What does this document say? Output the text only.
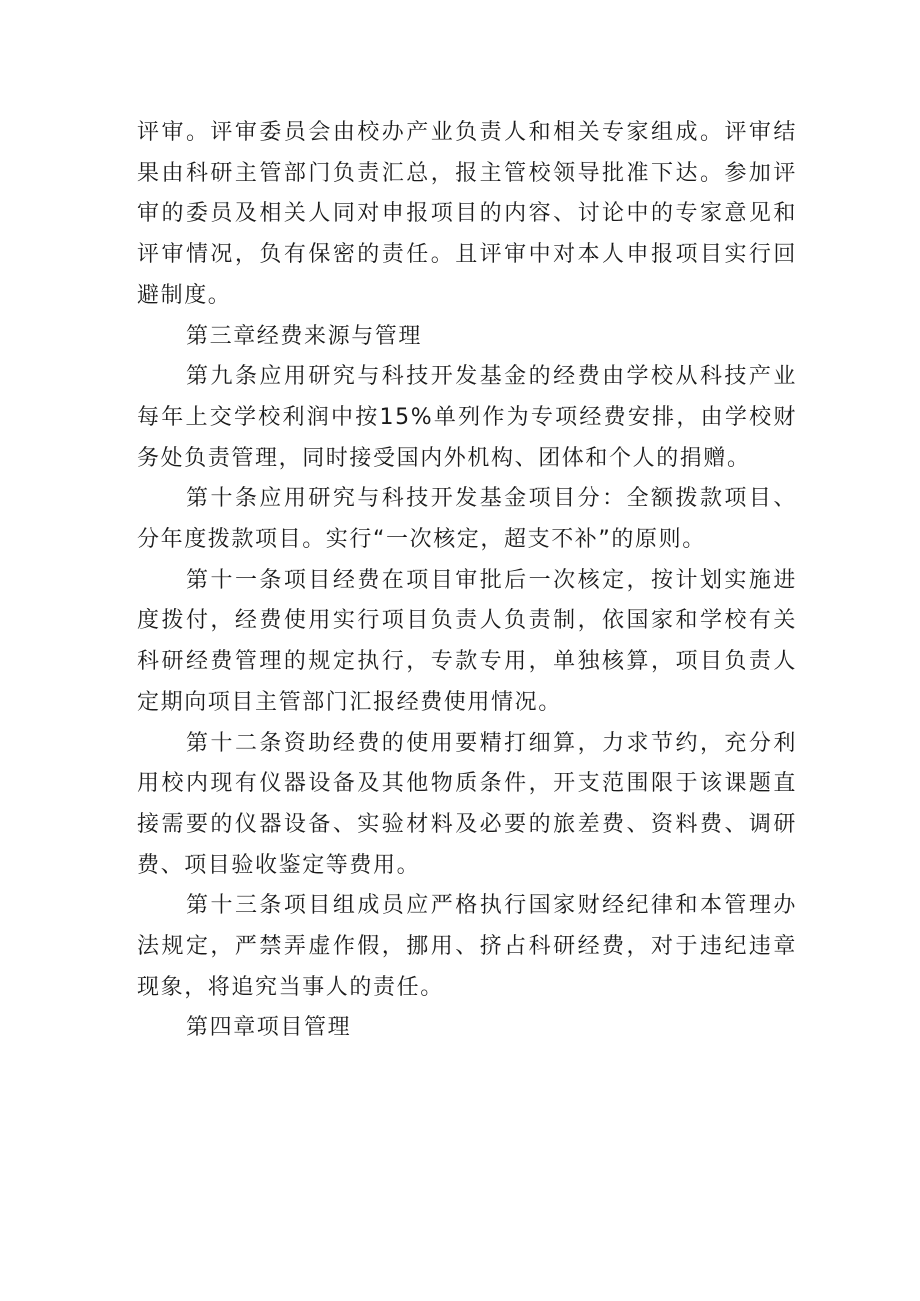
评审。评审委员会由校办产业负责人和相关专家组成。评审结果由科研主管部门负责汇总，报主管校领导批准下达。参加评审的委员及相关人同对申报项目的内容、讨论中的专家意见和评审情况，负有保密的责任。且评审中对本人申报项目实行回避制度。

第三章经费来源与管理

第九条应用研究与科技开发基金的经费由学校从科技产业每年上交学校利润中按15%单列作为专项经费安排，由学校财务处负责管理，同时接受国内外机构、团体和个人的捐赠。

第十条应用研究与科技开发基金项目分：全额拨款项目、分年度拨款项目。实行“一次核定，超支不补”的原则。

第十一条项目经费在项目审批后一次核定，按计划实施进度拨付，经费使用实行项目负责人负责制，依国家和学校有关科研经费管理的规定执行，专款专用，单独核算，项目负责人定期向项目主管部门汇报经费使用情况。

第十二条资助经费的使用要精打细算，力求节约，充分利用校内现有仪器设备及其他物质条件，开支范围限于该课题直接需要的仪器设备、实验材料及必要的旅差费、资料费、调研费、项目验收鉴定等费用。

第十三条项目组成员应严格执行国家财经纪律和本管理办法规定，严禁弄虚作假，挪用、挤占科研经费，对于违纪违章现象，将追究当事人的责任。

第四章项目管理
